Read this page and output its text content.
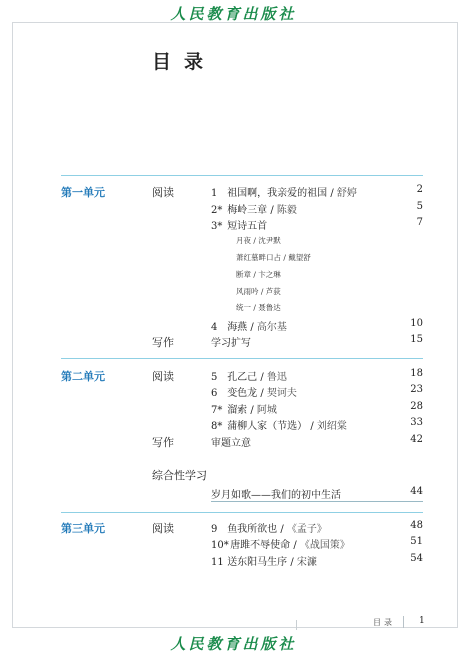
人民教育出版社
目录
第一单元	阅读	1 祖国啊，我亲爱的祖国 / 舒婷	2
2* 梅岭三章 / 陈毅	5
3* 短诗五首	7
月夜 / 沈尹默
萧红墓畔口占 / 戴望舒
断章 / 卞之琳
风雨吟 / 芦荻
统一 / 聂鲁达
4 海燕 / 高尔基	10
写作	学习扩写	15
第二单元	阅读	5 孔乙己 / 鲁迅	18
6 变色龙 / 契诃夫	23
7* 溜索 / 阿城	28
8* 蒲柳人家（节选） / 刘绍棠	33
写作	审题立意	42
综合性学习
岁月如歌——我们的初中生活	44
第三单元	阅读	9 鱼我所欲也 / 《孟子》	48
10* 唐雎不辱使命 / 《战国策》	51
11 送东阳马生序 / 宋濂	54
目录	1
人民教育出版社
